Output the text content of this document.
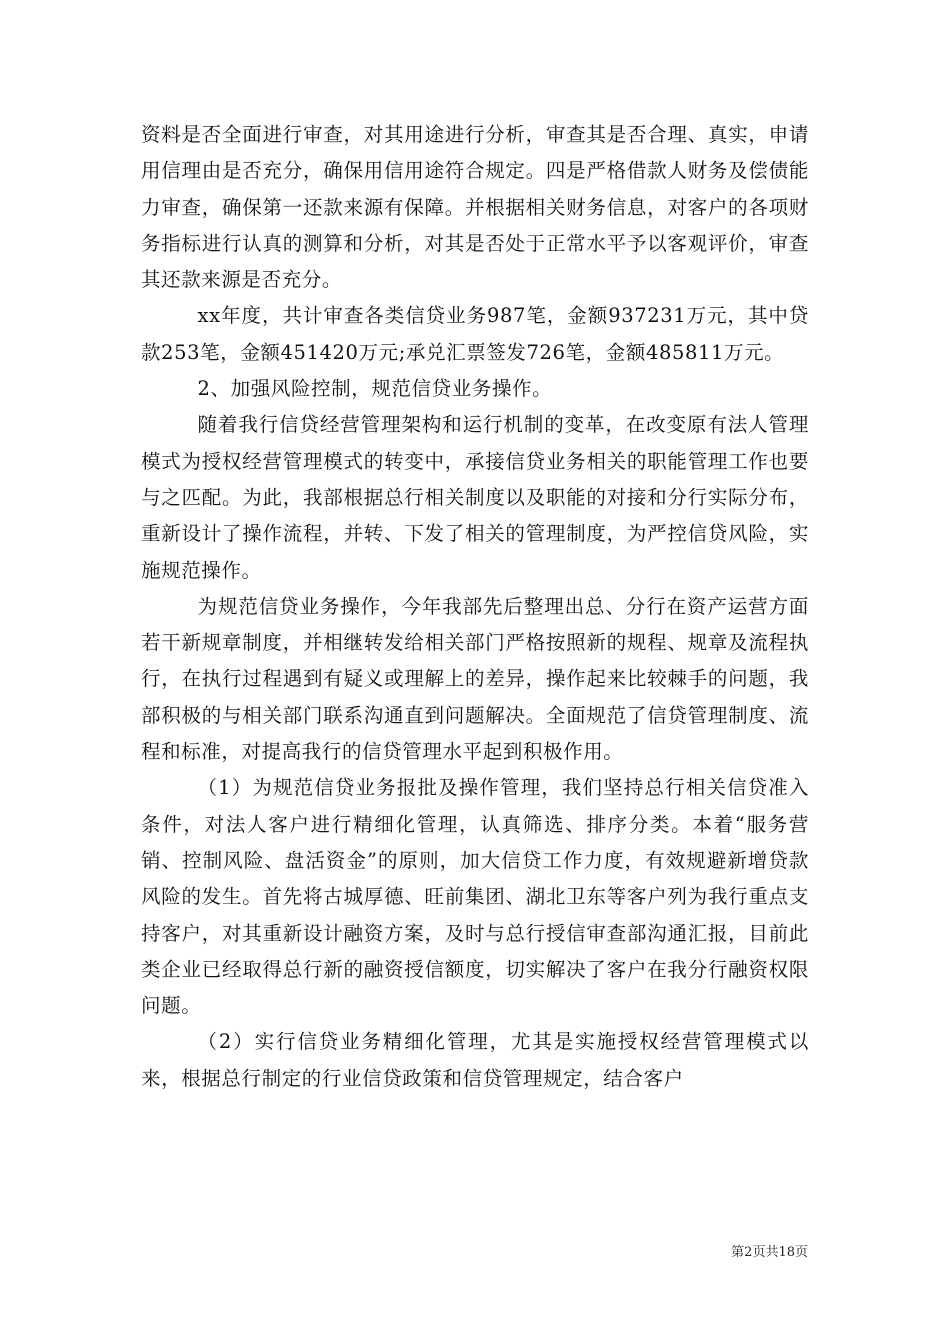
资料是否全面进行审查，对其用途进行分析，审查其是否合理、真实，申请用信理由是否充分，确保用信用途符合规定。四是严格借款人财务及偿债能力审查，确保第一还款来源有保障。并根据相关财务信息，对客户的各项财务指标进行认真的测算和分析，对其是否处于正常水平予以客观评价，审查其还款来源是否充分。

xx年度，共计审查各类信贷业务987笔，金额937231万元，其中贷款253笔，金额451420万元;承兑汇票签发726笔，金额485811万元。

2、加强风险控制，规范信贷业务操作。

随着我行信贷经营管理架构和运行机制的变革，在改变原有法人管理模式为授权经营管理模式的转变中，承接信贷业务相关的职能管理工作也要与之匹配。为此，我部根据总行相关制度以及职能的对接和分行实际分布，重新设计了操作流程，并转、下发了相关的管理制度，为严控信贷风险，实施规范操作。

为规范信贷业务操作，今年我部先后整理出总、分行在资产运营方面若干新规章制度，并相继转发给相关部门严格按照新的规程、规章及流程执行，在执行过程遇到有疑义或理解上的差异，操作起来比较棘手的问题，我部积极的与相关部门联系沟通直到问题解决。全面规范了信贷管理制度、流程和标准，对提高我行的信贷管理水平起到积极作用。

（1）为规范信贷业务报批及操作管理，我们坚持总行相关信贷准入条件，对法人客户进行精细化管理，认真筛选、排序分类。本着“服务营销、控制风险、盘活资金”的原则，加大信贷工作力度，有效规避新增贷款风险的发生。首先将古城厚德、旺前集团、湖北卫东等客户列为我行重点支持客户，对其重新设计融资方案，及时与总行授信审查部沟通汇报，目前此类企业已经取得总行新的融资授信额度，切实解决了客户在我分行融资权限问题。

（2）实行信贷业务精细化管理，尤其是实施授权经营管理模式以来，根据总行制定的行业信贷政策和信贷管理规定，结合客户

第2页共18页
